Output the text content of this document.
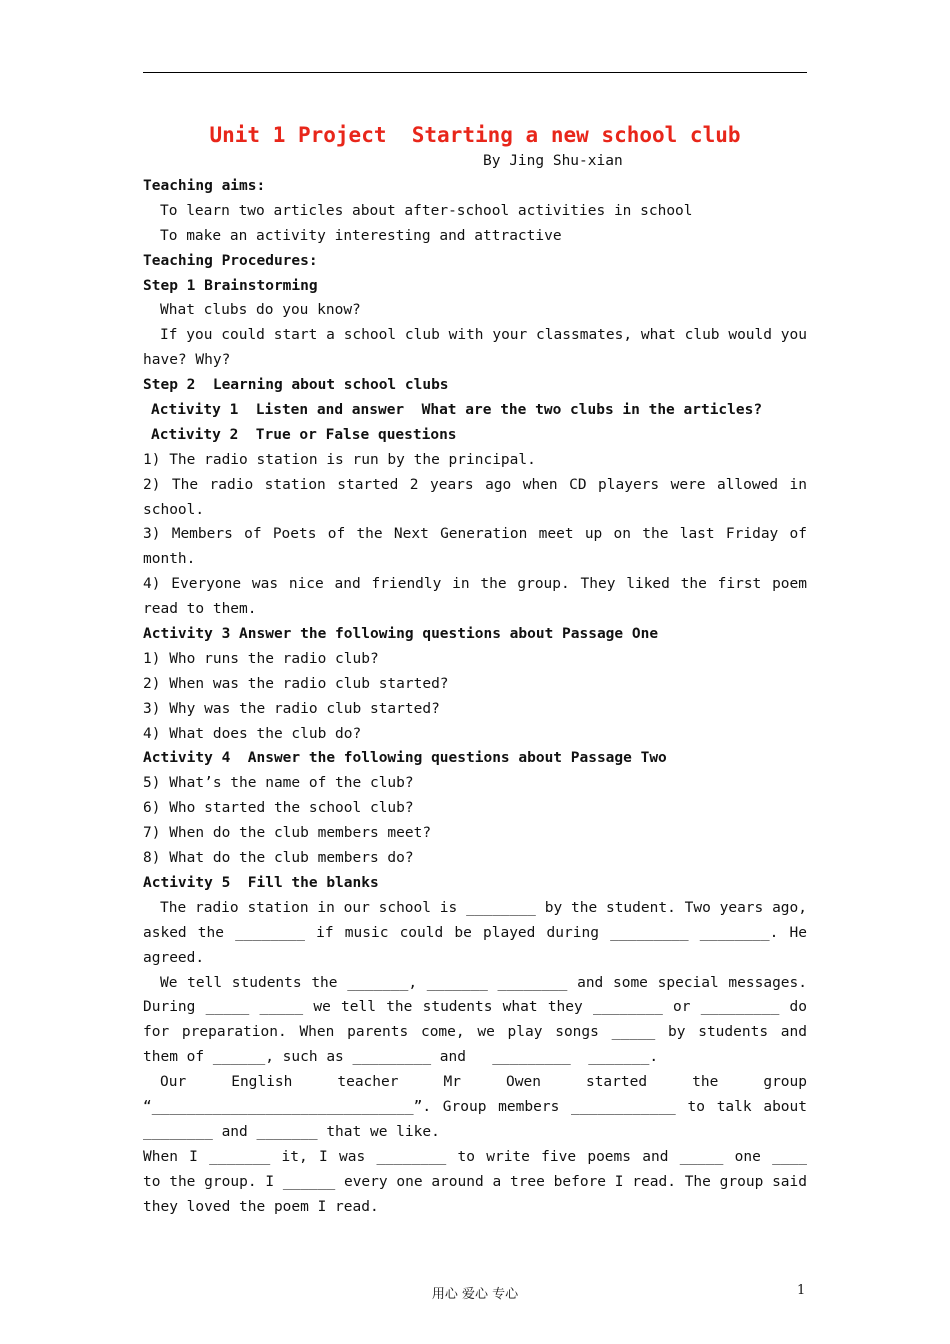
Unit 1 Project  Starting a new school club
By Jing Shu-xian
Teaching aims:
To learn two articles about after-school activities in school
To make an activity interesting and attractive
Teaching Procedures:
Step 1 Brainstorming
What clubs do you know?
If you could start a school club with your classmates, what club would you
have? Why?
Step 2  Learning about school clubs
Activity 1  Listen and answer  What are the two clubs in the articles?
Activity 2  True or False questions
1) The radio station is run by the principal.
2) The radio station started 2 years ago when CD players were allowed in
school.
3) Members of Poets of the Next Generation meet up on the last Friday of
month.
4) Everyone was nice and friendly in the group. They liked the first poem
read to them.
Activity 3 Answer the following questions about Passage One
1) Who runs the radio club?
2) When was the radio club started?
3) Why was the radio club started?
4) What does the club do?
Activity 4  Answer the following questions about Passage Two
5) What’s the name of the club?
6) Who started the school club?
7) When do the club members meet?
8) What do the club members do?
Activity 5  Fill the blanks
The radio station in our school is ________ by the student. Two years ago,
asked the ________ if music could be played during _________ ________. He
agreed.
We tell students the _______, _______ ________ and some special messages.
During _____ _____ we tell the students what they ________ or _________ do
for preparation. When parents come, we play songs _____ by students and
them of ______, such as _________ and   _________  _______.
Our English teacher Mr Owen started the group
“______________________________”. Group members ____________ to talk about
________ and _______ that we like.
When I _______ it, I was ________ to write five poems and _____ one ____
to the group. I ______ every one around a tree before I read. The group said
they loved the poem I read.
用心 爱心 专心	1
